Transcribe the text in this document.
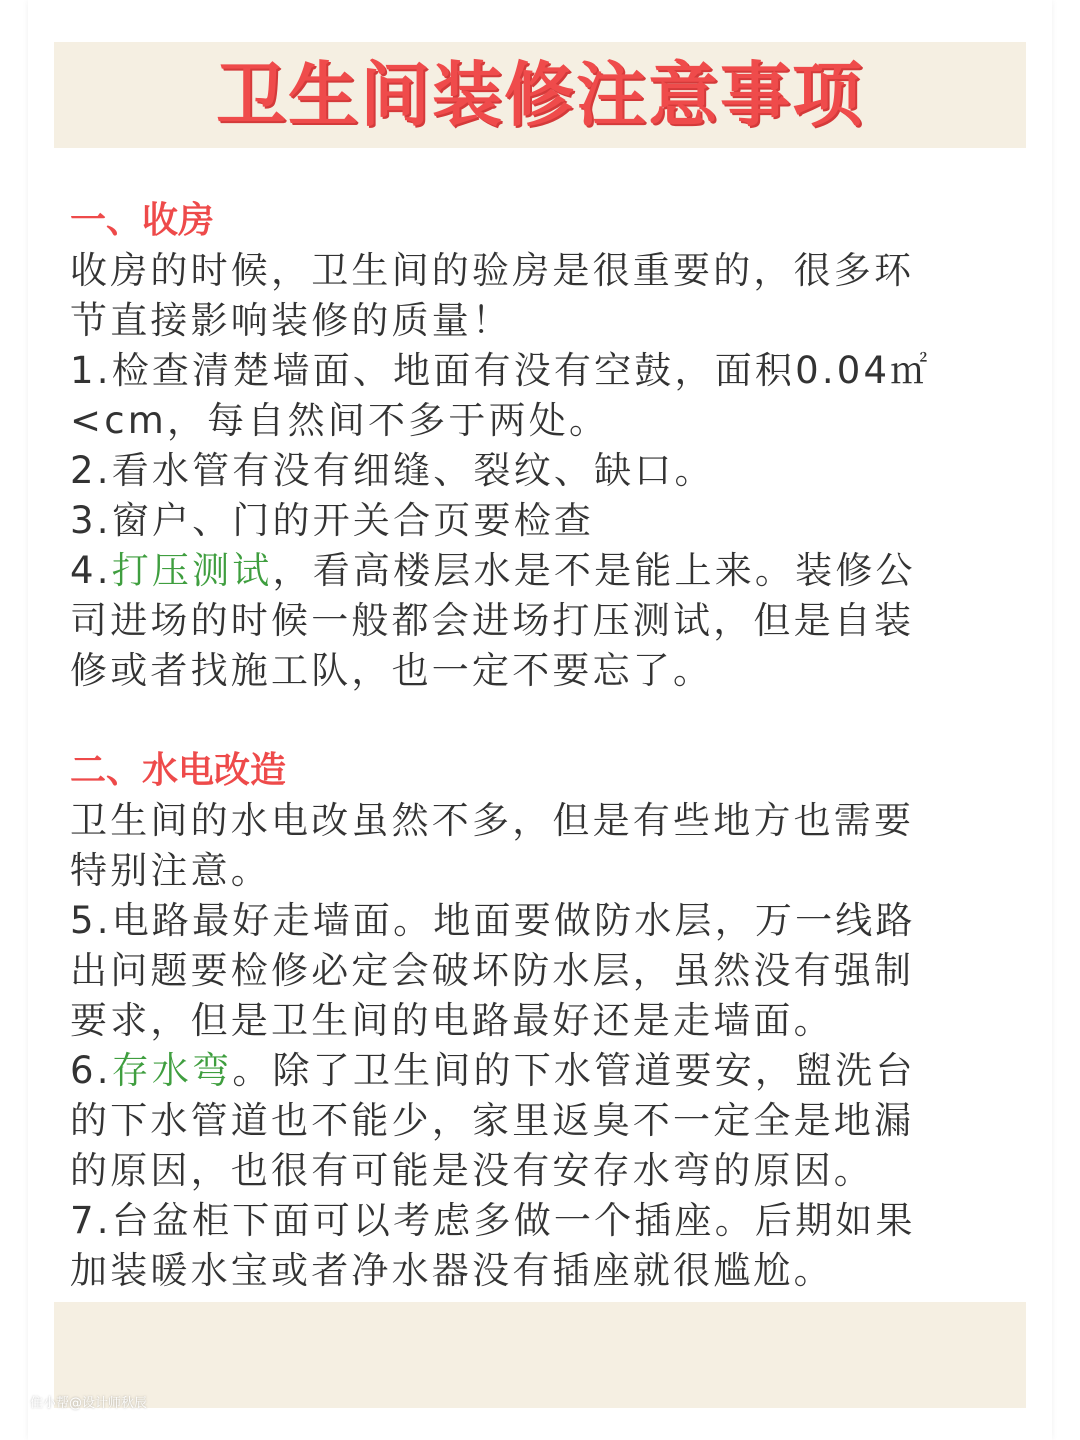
卫生间装修注意事项
一、收房
收房的时候，卫生间的验房是很重要的，很多环
节直接影响装修的质量！
1.检查清楚墙面、地面有没有空鼓，面积0.04㎡
<cm，每自然间不多于两处。
2.看水管有没有细缝、裂纹、缺口。
3.窗户、门的开关合页要检查
4.打压测试，看高楼层水是不是能上来。装修公
司进场的时候一般都会进场打压测试，但是自装
修或者找施工队，也一定不要忘了。
二、水电改造
卫生间的水电改虽然不多，但是有些地方也需要
特别注意。
5.电路最好走墙面。地面要做防水层，万一线路
出问题要检修必定会破坏防水层，虽然没有强制
要求，但是卫生间的电路最好还是走墙面。
6.存水弯。除了卫生间的下水管道要安，盥洗台
的下水管道也不能少，家里返臭不一定全是地漏
的原因，也很有可能是没有安存水弯的原因。
7.台盆柜下面可以考虑多做一个插座。后期如果
加装暖水宝或者净水器没有插座就很尴尬。
住小帮@设计师秋辰
